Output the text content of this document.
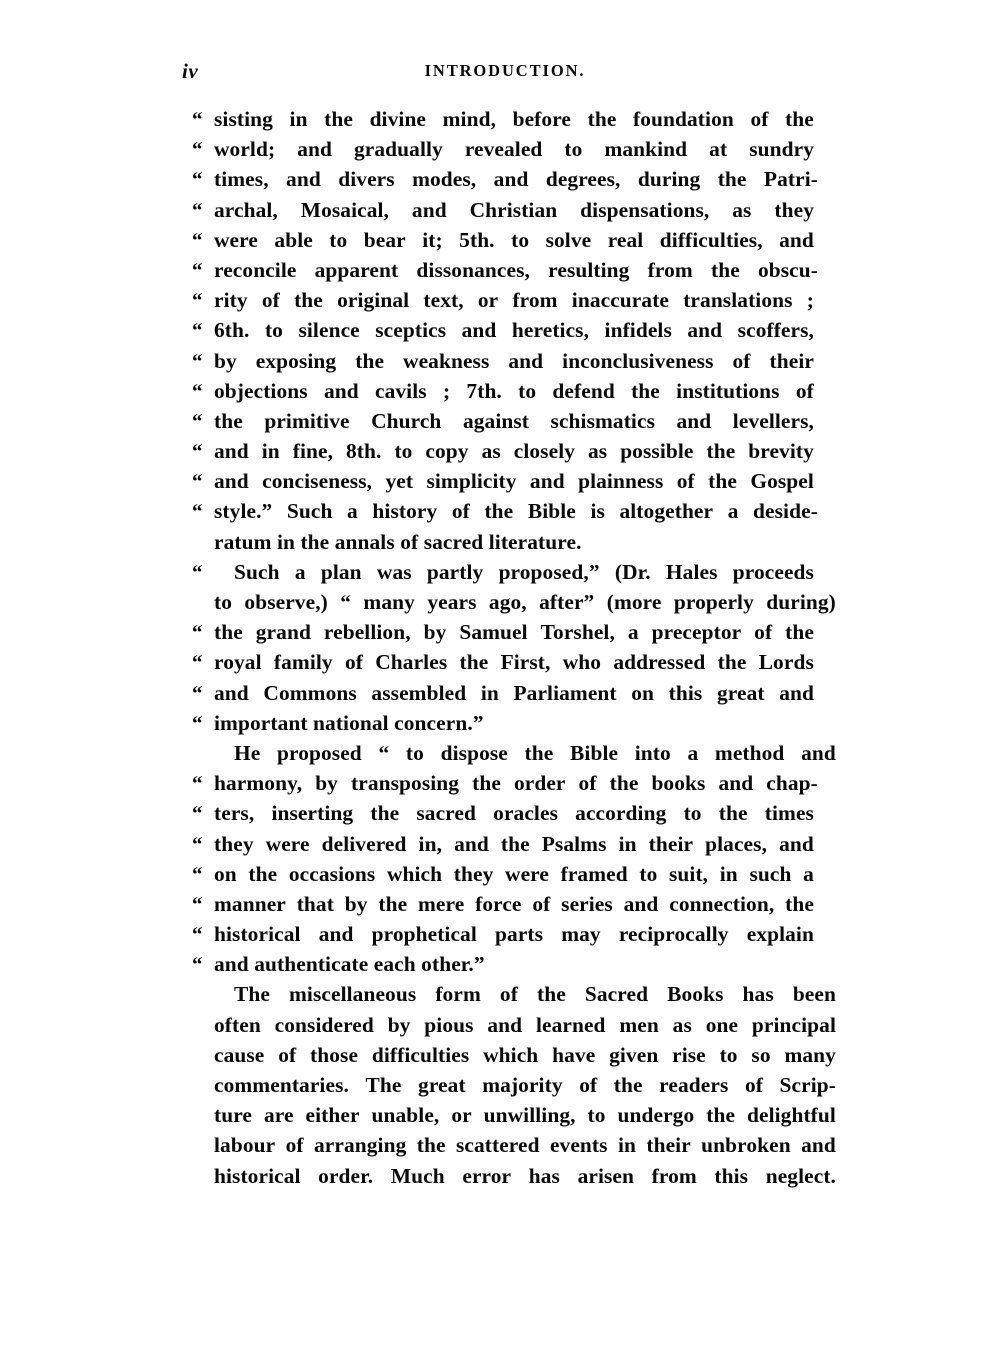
iv	INTRODUCTION.
“ sisting in the divine mind, before the foundation of the
“ world; and gradually revealed to mankind at sundry
“ times, and divers modes, and degrees, during the Patri-
“ archal, Mosaical, and Christian dispensations, as they
“ were able to bear it; 5th. to solve real difficulties, and
“ reconcile apparent dissonances, resulting from the obscu-
“ rity of the original text, or from inaccurate translations ;
“ 6th. to silence sceptics and heretics, infidels and scoffers,
“ by exposing the weakness and inconclusiveness of their
“ objections and cavils ; 7th. to defend the institutions of
“ the primitive Church against schismatics and levellers,
“ and in fine, 8th. to copy as closely as possible the brevity
“ and conciseness, yet simplicity and plainness of the Gospel
“ style.” Such a history of the Bible is altogether a deside-
ratum in the annals of sacred literature.
“ Such a plan was partly proposed,” (Dr. Hales proceeds
to observe,) “ many years ago, after” (more properly during)
“ the grand rebellion, by Samuel Torshel, a preceptor of the
“ royal family of Charles the First, who addressed the Lords
“ and Commons assembled in Parliament on this great and
“ important national concern.”
He proposed “ to dispose the Bible into a method and
“ harmony, by transposing the order of the books and chap-
“ ters, inserting the sacred oracles according to the times
“ they were delivered in, and the Psalms in their places, and
“ on the occasions which they were framed to suit, in such a
“ manner that by the mere force of series and connection, the
“ historical and prophetical parts may reciprocally explain
“ and authenticate each other.”
The miscellaneous form of the Sacred Books has been
often considered by pious and learned men as one principal
cause of those difficulties which have given rise to so many
commentaries. The great majority of the readers of Scrip-
ture are either unable, or unwilling, to undergo the delightful
labour of arranging the scattered events in their unbroken and
historical order. Much error has arisen from this neglect.
